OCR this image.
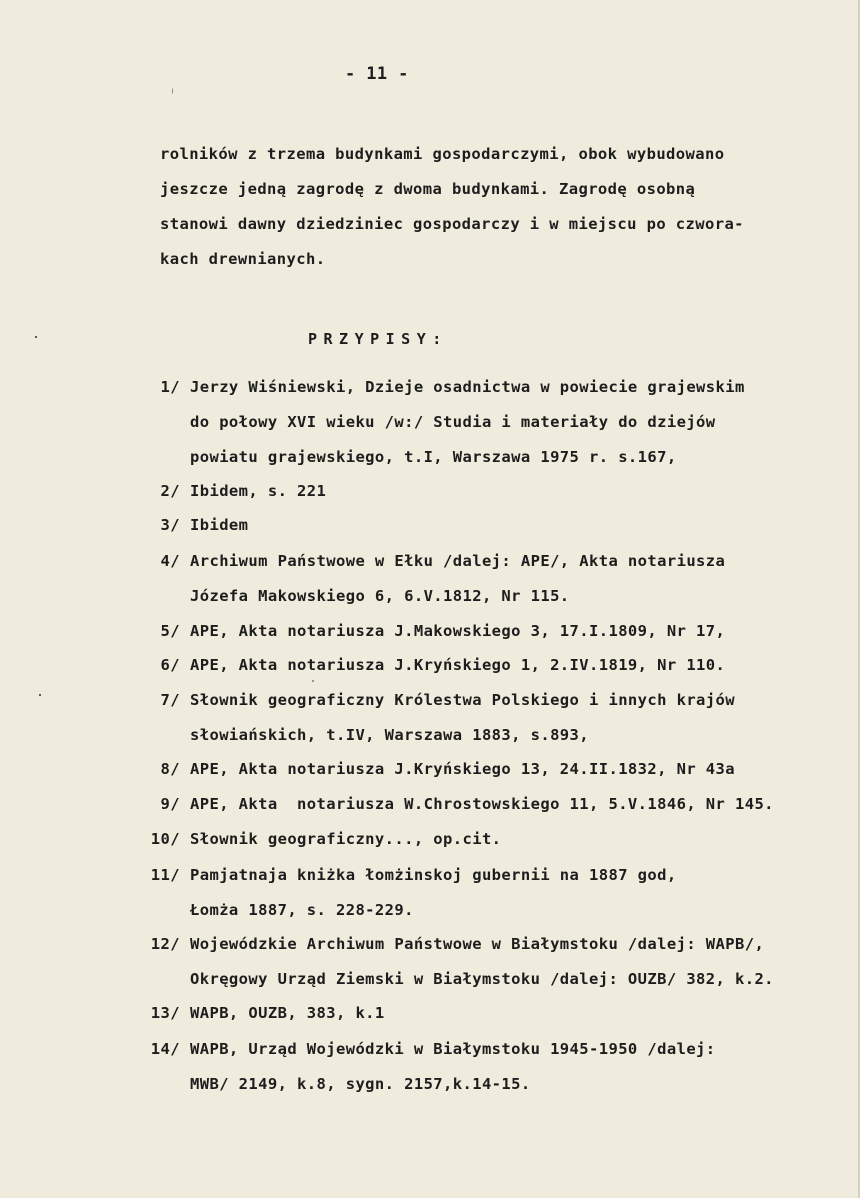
- 11 -
rolników z trzema budynkami gospodarczymi, obok wybudowano
jeszcze jedną zagrodę z dwoma budynkami. Zagrodę osobną
stanowi dawny dziedziniec gospodarczy i w miejscu po czwora-
kach drewnianych.
PRZYPISY:
1/ Jerzy Wiśniewski, Dzieje osadnictwa w powiecie grajewskim
do połowy XVI wieku /w:/ Studia i materiały do dziejów
powiatu grajewskiego, t.I, Warszawa 1975 r. s.167,
2/ Ibidem, s. 221
3/ Ibidem
4/ Archiwum Państwowe w Ełku /dalej: APE/, Akta notariusza
Józefa Makowskiego 6, 6.V.1812, Nr 115.
5/ APE, Akta notariusza J.Makowskiego 3, 17.I.1809, Nr 17,
6/ APE, Akta notariusza J.Kryńskiego 1, 2.IV.1819, Nr 110.
7/ Słownik geograficzny Królestwa Polskiego i innych krajów
słowiańskich, t.IV, Warszawa 1883, s.893,
8/ APE, Akta notariusza J.Kryńskiego 13, 24.II.1832, Nr 43a
9/ APE, Akta  notariusza W.Chrostowskiego 11, 5.V.1846, Nr 145.
10/ Słownik geograficzny..., op.cit.
11/ Pamjatnaja kniżka łomżinskoj gubernii na 1887 god,
Łomża 1887, s. 228-229.
12/ Wojewódzkie Archiwum Państwowe w Białymstoku /dalej: WAPB/,
Okręgowy Urząd Ziemski w Białymstoku /dalej: OUZB/ 382, k.2.
13/ WAPB, OUZB, 383, k.1
14/ WAPB, Urząd Wojewódzki w Białymstoku 1945-1950 /dalej:
MWB/ 2149, k.8, sygn. 2157,k.14-15.
